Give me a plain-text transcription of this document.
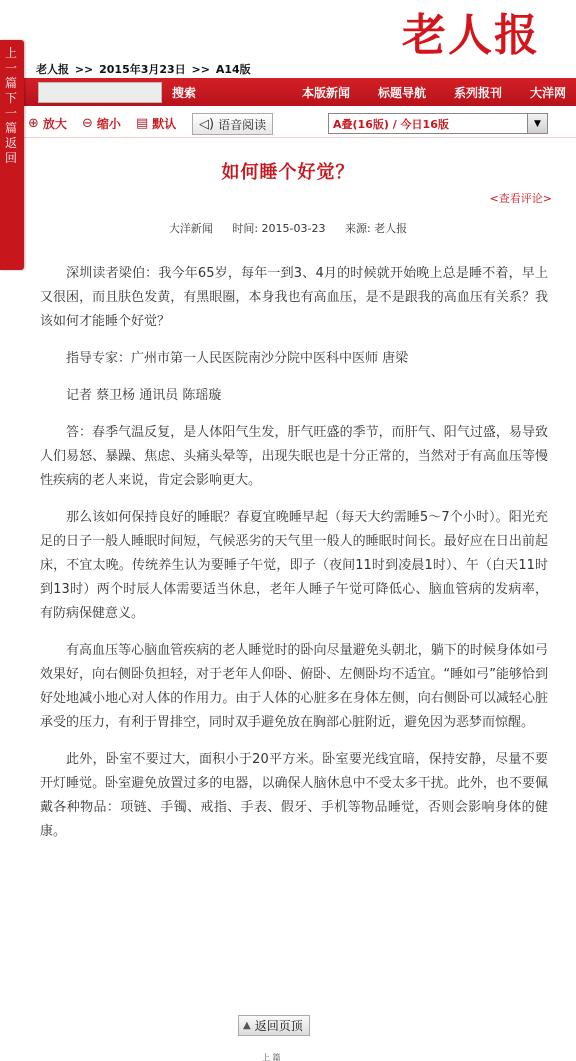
上一篇 下一篇 返回
老人报
老人报 >> 2015年3月23日 >> A14版
搜索	本版新闻 标题导航 系列报刊 大洋网
⊕ 放大 ⊖ 缩小 ▤ 默认 ◁) 语音阅读	A叠(16版) / 今日16版	▼
如何睡个好觉？
<查看评论>
大洋新闻 时间: 2015-03-23 来源: 老人报

深圳读者梁伯：我今年65岁，每年一到3、4月的时候就开始晚上总是睡不着，早上又很困，而且肤色发黄，有黑眼圈，本身我也有高血压，是不是跟我的高血压有关系？我该如何才能睡个好觉？

指导专家：广州市第一人民医院南沙分院中医科中医师 唐梁

记者 蔡卫杨 通讯员 陈瑶璇

答：春季气温反复，是人体阳气生发，肝气旺盛的季节，而肝气、阳气过盛，易导致人们易怒、暴躁、焦虑、头痛头晕等，出现失眠也是十分正常的，当然对于有高血压等慢性疾病的老人来说，肯定会影响更大。

那么该如何保持良好的睡眠？春夏宜晚睡早起（每天大约需睡5～7个小时）。阳光充足的日子一般人睡眠时间短，气候恶劣的天气里一般人的睡眠时间长。最好应在日出前起床，不宜太晚。传统养生认为要睡子午觉，即子（夜间11时到凌晨1时）、午（白天11时到13时）两个时辰人体需要适当休息，老年人睡子午觉可降低心、脑血管病的发病率，有防病保健意义。

有高血压等心脑血管疾病的老人睡觉时的卧向尽量避免头朝北，躺下的时候身体如弓效果好，向右侧卧负担轻，对于老年人仰卧、俯卧、左侧卧均不适宜。“睡如弓”能够恰到好处地减小地心对人体的作用力。由于人体的心脏多在身体左侧，向右侧卧可以减轻心脏承受的压力，有利于胃排空，同时双手避免放在胸部心脏附近，避免因为恶梦而惊醒。

此外，卧室不要过大，面积小于20平方米。卧室要光线宜暗，保持安静，尽量不要开灯睡觉。卧室避免放置过多的电器，以确保人脑休息中不受太多干扰。此外，也不要佩戴各种物品：项链、手镯、戒指、手表、假牙、手机等物品睡觉，否则会影响身体的健康。

▲ 返回页顶
上 篇
